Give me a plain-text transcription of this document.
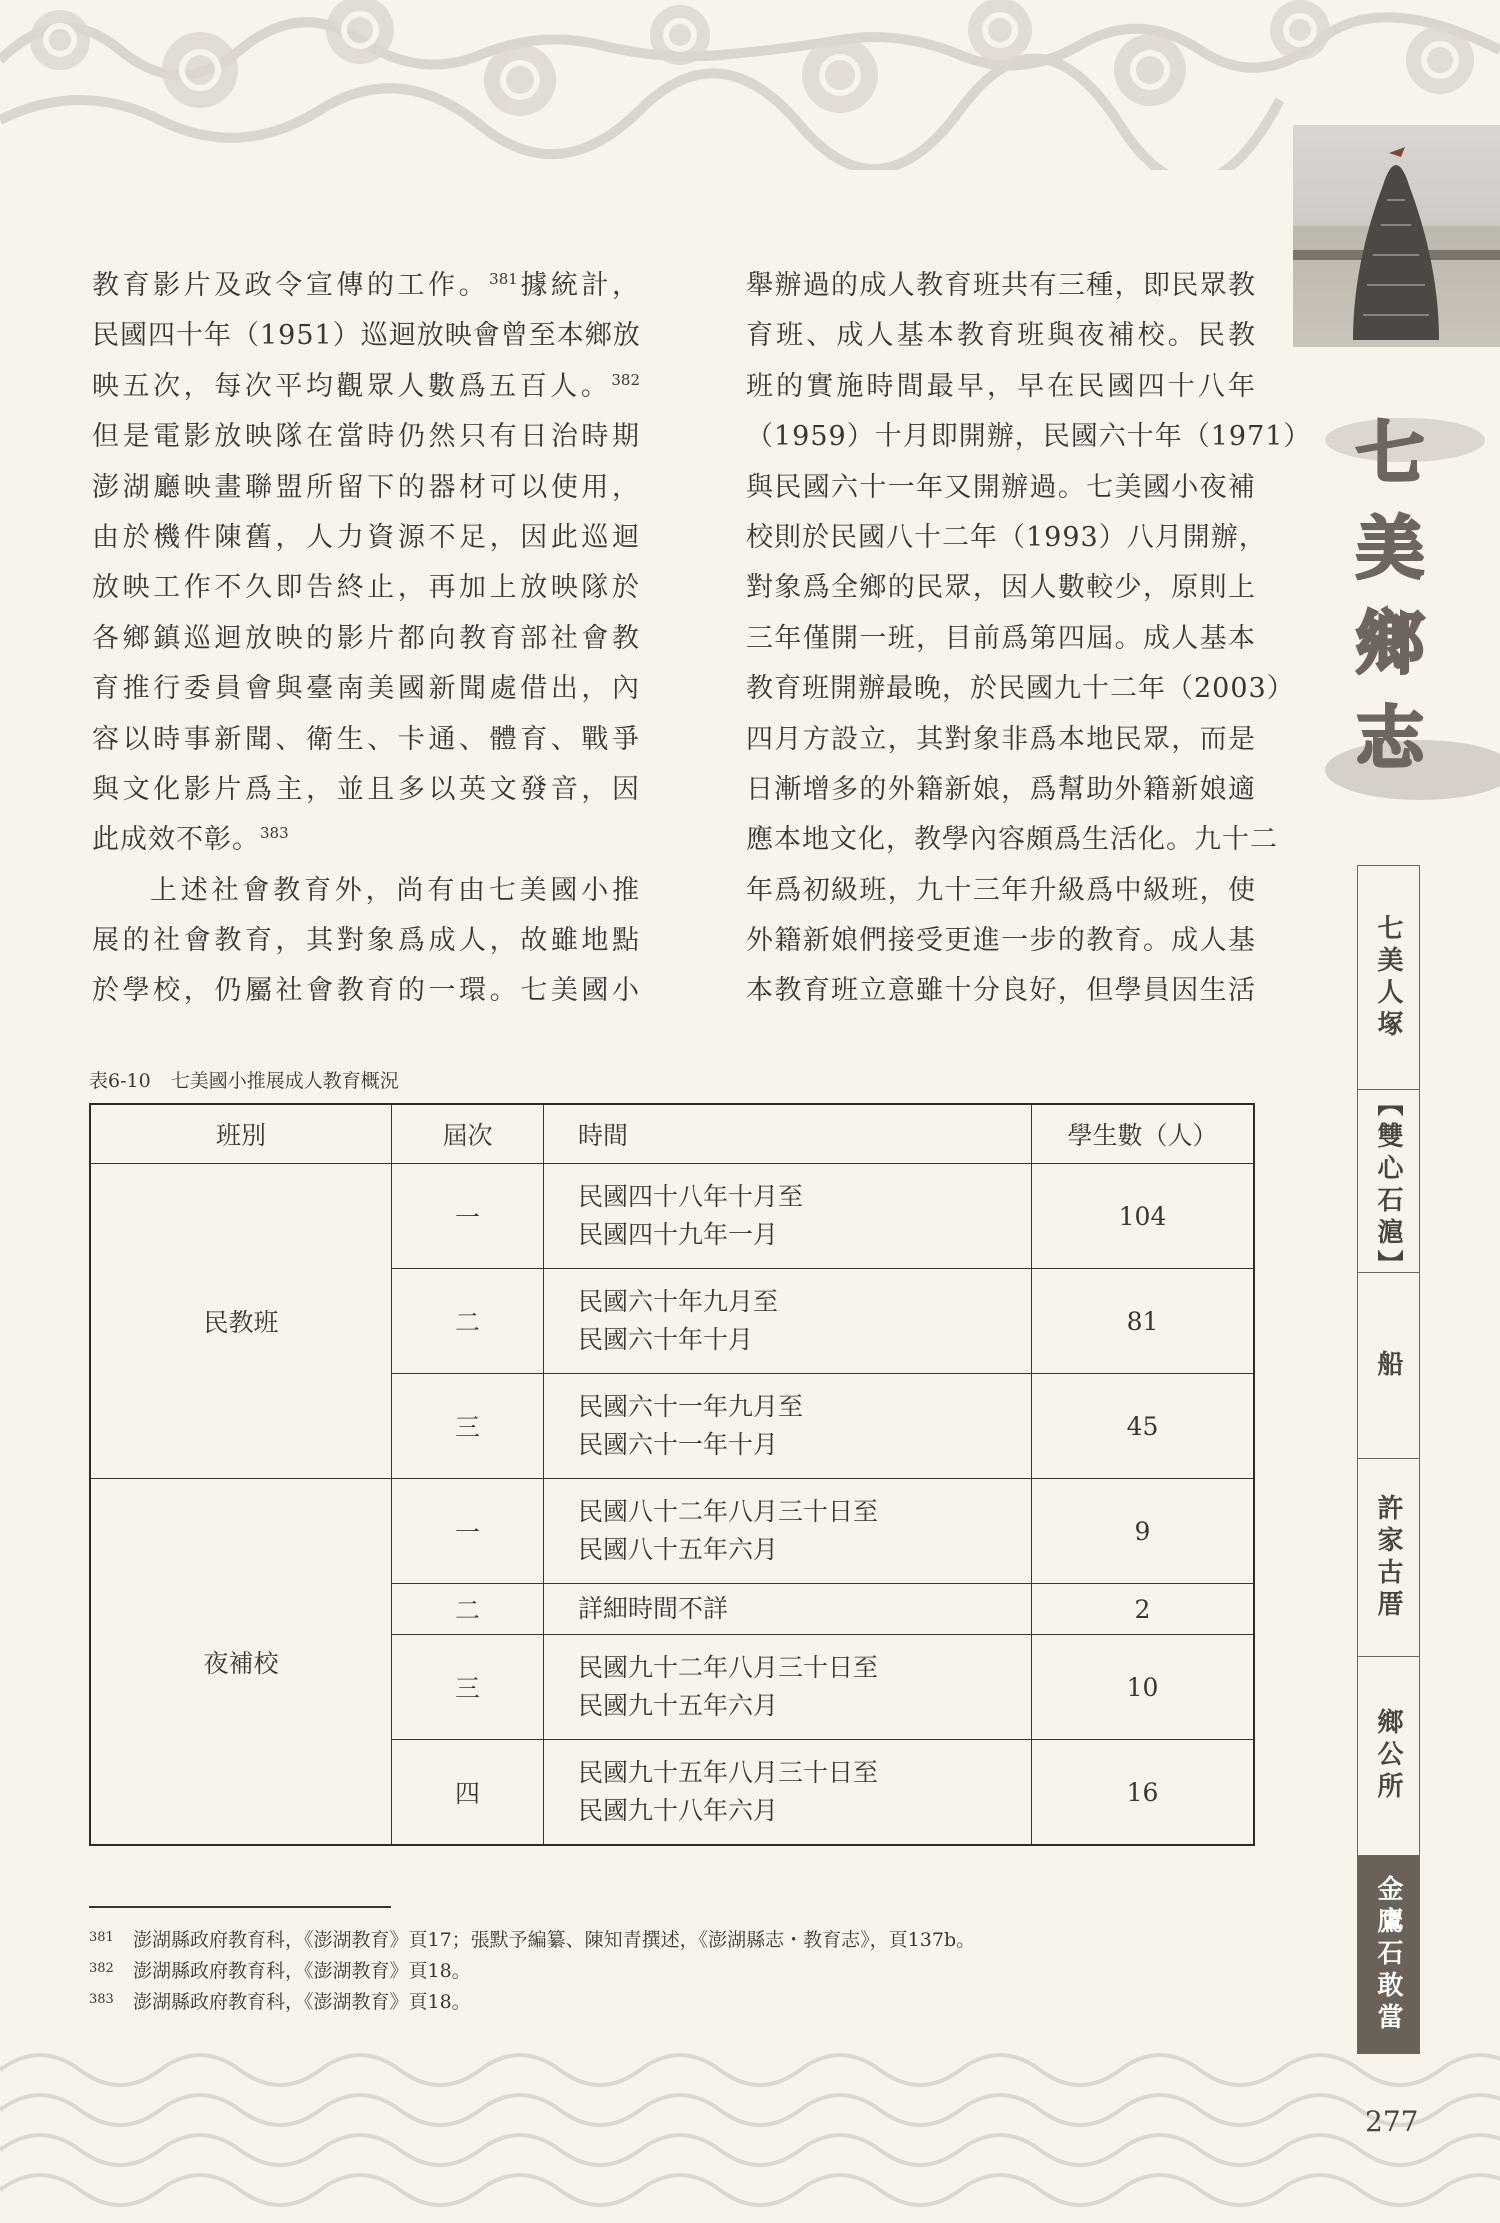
七
美
鄉
志
七美人塚
【雙心石滬】
船
許家古厝
鄉公所
金鷹石敢當
教育影片及政令宣傳的工作。$^{381}$據統計，
民國四十年（1951）巡迴放映會曾至本鄉放
映五次，每次平均觀眾人數爲五百人。$^{382}$
但是電影放映隊在當時仍然只有日治時期
澎湖廳映畫聯盟所留下的器材可以使用，
由於機件陳舊，人力資源不足，因此巡迴
放映工作不久即告終止，再加上放映隊於
各鄉鎮巡迴放映的影片都向教育部社會教
育推行委員會與臺南美國新聞處借出，內
容以時事新聞、衛生、卡通、體育、戰爭
與文化影片爲主，並且多以英文發音，因
此成效不彰。$^{383}$
上述社會教育外，尚有由七美國小推
展的社會教育，其對象爲成人，故雖地點
於學校，仍屬社會教育的一環。七美國小
舉辦過的成人教育班共有三種，即民眾教
育班、成人基本教育班與夜補校。民教
班的實施時間最早，早在民國四十八年
（1959）十月即開辦，民國六十年（1971）
與民國六十一年又開辦過。七美國小夜補
校則於民國八十二年（1993）八月開辦，
對象爲全鄉的民眾，因人數較少，原則上
三年僅開一班，目前爲第四屆。成人基本
教育班開辦最晚，於民國九十二年（2003）
四月方設立，其對象非爲本地民眾，而是
日漸增多的外籍新娘，爲幫助外籍新娘適
應本地文化，教學內容頗爲生活化。九十二
年爲初級班，九十三年升級爲中級班，使
外籍新娘們接受更進一步的教育。成人基
本教育班立意雖十分良好，但學員因生活
表6-10 七美國小推展成人教育概況
班別	屆次	時間	學生數（人）
民教班	一	民國四十八年十月至
民國四十九年一月	104
	二	民國六十年九月至
民國六十年十月	81
	三	民國六十一年九月至
民國六十一年十月	45
夜補校	一	民國八十二年八月三十日至
民國八十五年六月	9
	二	詳細時間不詳	2
	三	民國九十二年八月三十日至
民國九十五年六月	10
	四	民國九十五年八月三十日至
民國九十八年六月	16
381 澎湖縣政府教育科，《澎湖教育》頁17；張默予編纂、陳知青撰述，《澎湖縣志・教育志》，頁137b。
382 澎湖縣政府教育科，《澎湖教育》頁18。
383 澎湖縣政府教育科，《澎湖教育》頁18。
277
